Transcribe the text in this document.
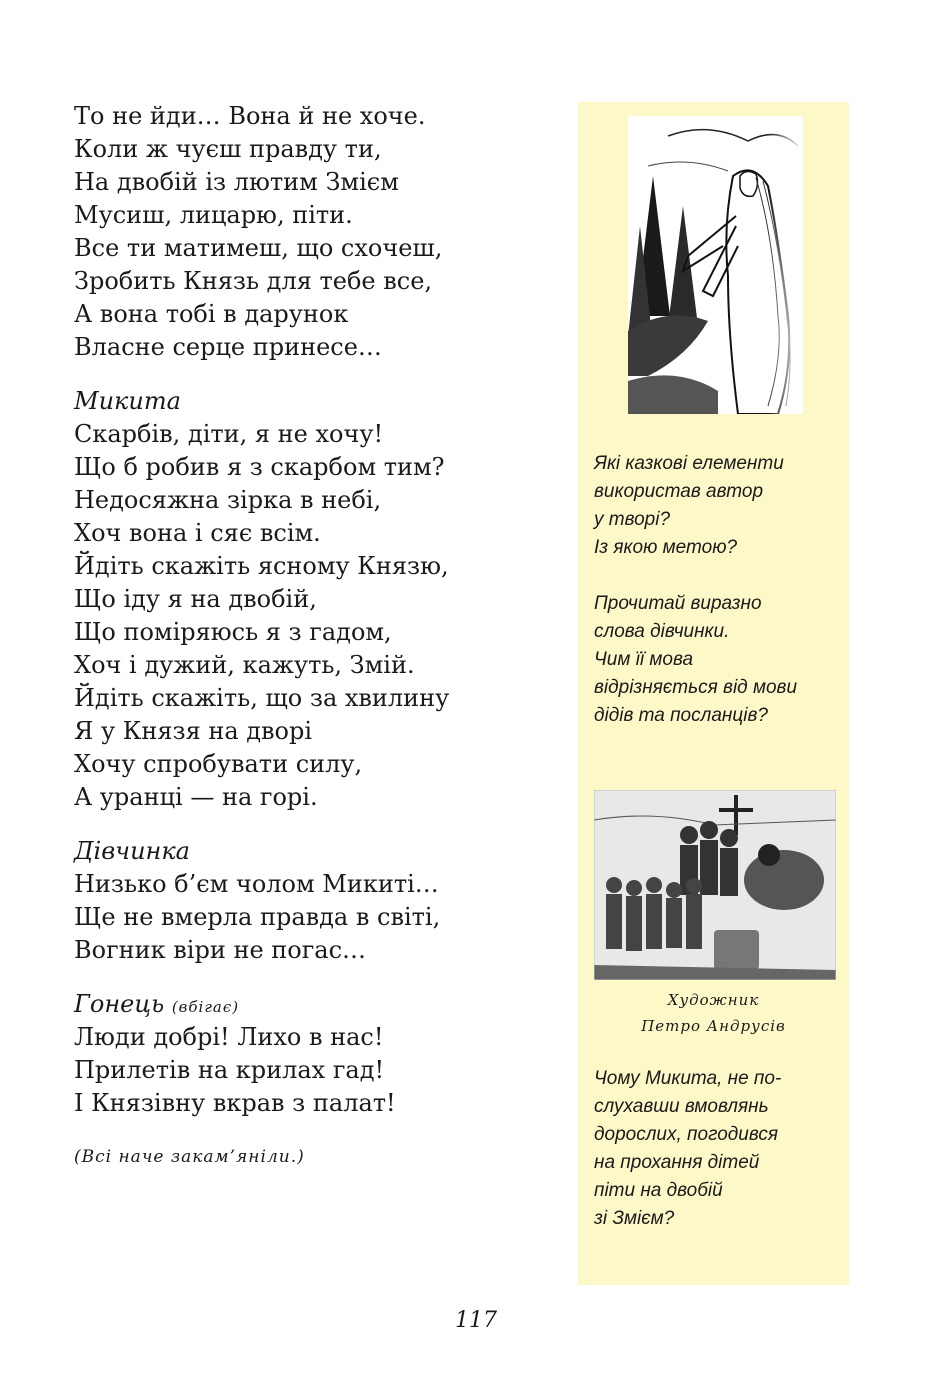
То не йди… Вона й не хоче.
Коли ж чуєш правду ти,
На двобій із лютим Змієм
Мусиш, лицарю, піти.
Все ти матимеш, що схочеш,
Зробить Князь для тебе все,
А вона тобі в дарунок
Власне серце принесе…
Микита
Скарбів, діти, я не хочу!
Що б робив я з скарбом тим?
Недосяжна зірка в небі,
Хоч вона і сяє всім.
Йдіть скажіть ясному Князю,
Що іду я на двобій,
Що поміряюсь я з гадом,
Хоч і дужий, кажуть, Змій.
Йдіть скажіть, що за хвилину
Я у Князя на дворі
Хочу спробувати силу,
А уранці — на горі.
Дівчинка
Низько б’єм чолом Микиті…
Ще не вмерла правда в світі,
Вогник віри не погас…
Гонець (вбігає)
Люди добрі! Лихо в нас!
Прилетів на крилах гад!
І Князівну вкрав з палат!
(Всі наче закам’яніли.)
Які казкові елементи
використав автор
у творі?
Із якою метою?
Прочитай виразно
слова дівчинки.
Чим її мова
відрізняється від мови
дідів та посланців?
Художник
Петро Андрусів
Чому Микита, не по-
слухавши вмовлянь
дорослих, погодився
на прохання дітей
піти на двобій
зі Змієм?
117
